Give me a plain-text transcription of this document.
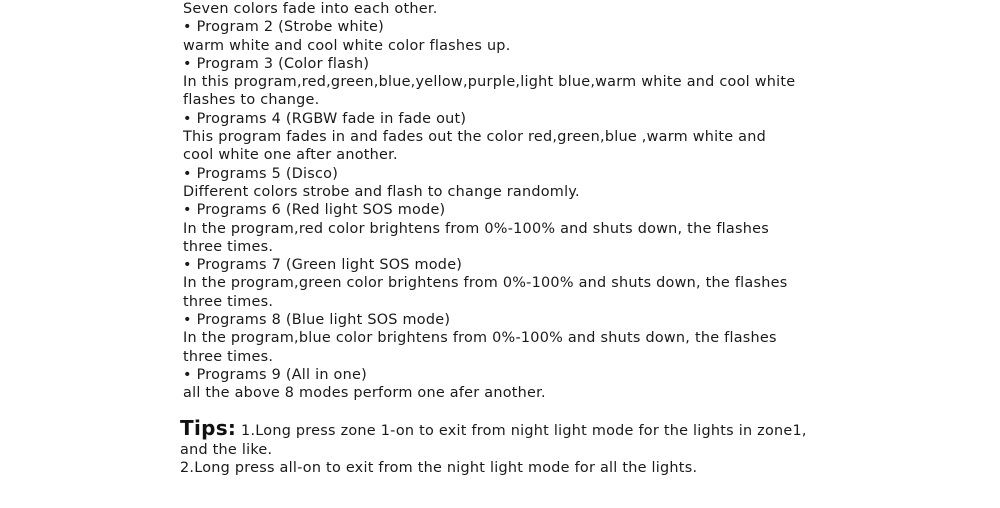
Seven colors fade into each other.
• Program 2 (Strobe white)
warm white and cool white color flashes up.
• Program 3 (Color flash)
In this program,red,green,blue,yellow,purple,light blue,warm white and cool white
flashes to change.
• Programs 4 (RGBW fade in fade out)
This program fades in and fades out the color red,green,blue ,warm white and
cool white one after another.
• Programs 5 (Disco)
Different colors strobe and flash to change randomly.
• Programs 6 (Red light SOS mode)
In the program,red color brightens from 0%-100% and shuts down, the flashes
three times.
• Programs 7 (Green light SOS mode)
In the program,green color brightens from 0%-100% and shuts down, the flashes
three times.
• Programs 8 (Blue light SOS mode)
In the program,blue color brightens from 0%-100% and shuts down, the flashes
three times.
• Programs 9 (All in one)
all the above 8 modes perform one afer another.
Tips: 1.Long press zone 1-on to exit from night light mode for the lights in zone1,
and the like.
2.Long press all-on to exit from the night light mode for all the lights.
